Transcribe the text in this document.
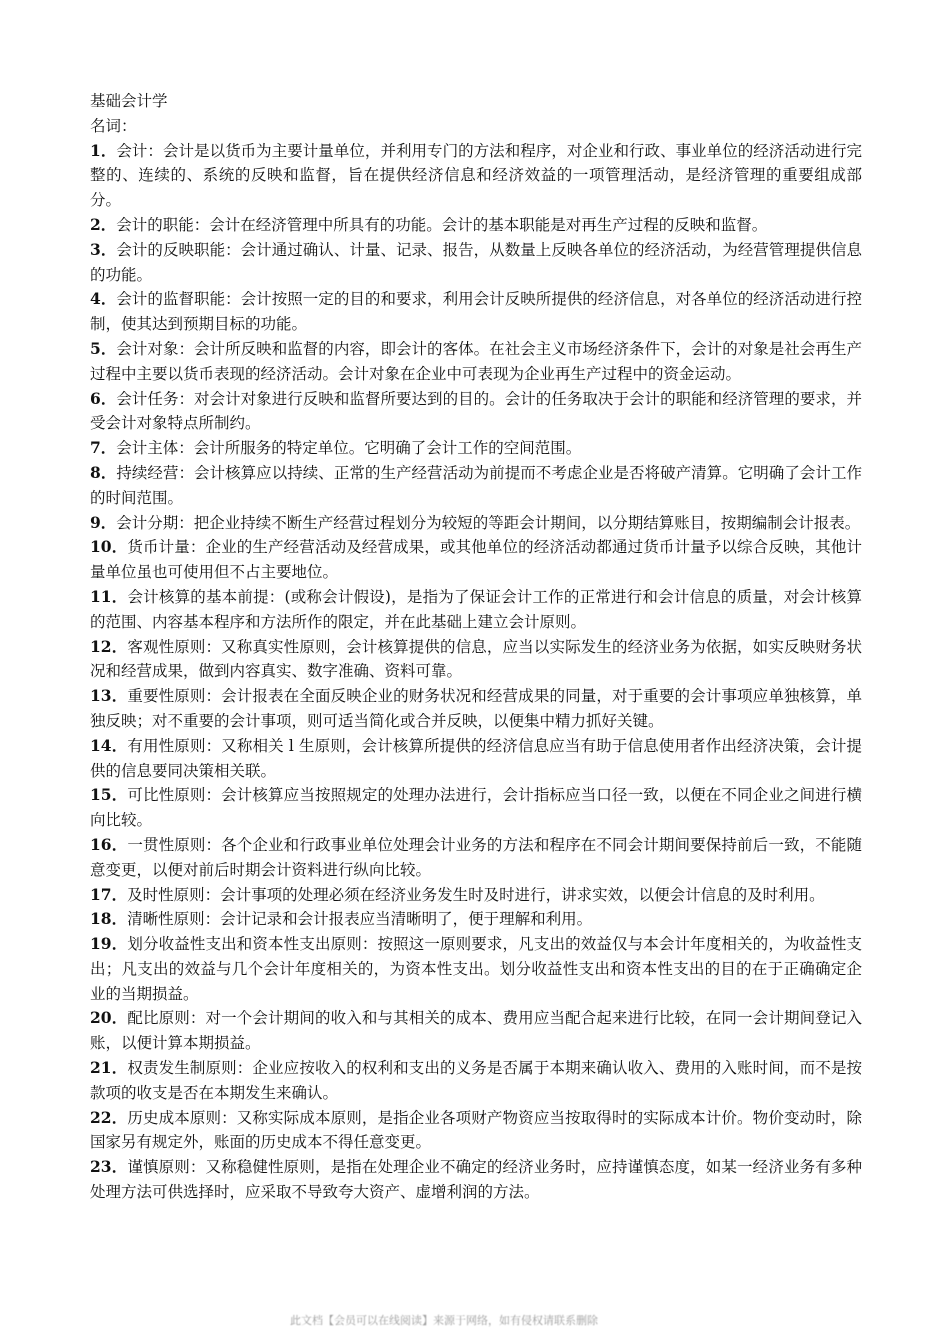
基础会计学

名词：

1．会计：会计是以货币为主要计量单位，并利用专门的方法和程序，对企业和行政、事业单位的经济活动进行完整的、连续的、系统的反映和监督，旨在提供经济信息和经济效益的一项管理活动，是经济管理的重要组成部分。

2．会计的职能：会计在经济管理中所具有的功能。会计的基本职能是对再生产过程的反映和监督。

3．会计的反映职能：会计通过确认、计量、记录、报告，从数量上反映各单位的经济活动，为经营管理提供信息的功能。

4．会计的监督职能：会计按照一定的目的和要求，利用会计反映所提供的经济信息，对各单位的经济活动进行控制，使其达到预期目标的功能。

5．会计对象：会计所反映和监督的内容，即会计的客体。在社会主义市场经济条件下，会计的对象是社会再生产过程中主要以货币表现的经济活动。会计对象在企业中可表现为企业再生产过程中的资金运动。

6．会计任务：对会计对象进行反映和监督所要达到的目的。会计的任务取决于会计的职能和经济管理的要求，并受会计对象特点所制约。

7．会计主体：会计所服务的特定单位。它明确了会计工作的空间范围。

8．持续经营：会计核算应以持续、正常的生产经营活动为前提而不考虑企业是否将破产清算。它明确了会计工作的时间范围。

9．会计分期：把企业持续不断生产经营过程划分为较短的等距会计期间，以分期结算账目，按期编制会计报表。

10．货币计量：企业的生产经营活动及经营成果，或其他单位的经济活动都通过货币计量予以综合反映，其他计量单位虽也可使用但不占主要地位。

11．会计核算的基本前提：(或称会计假设)，是指为了保证会计工作的正常进行和会计信息的质量，对会计核算的范围、内容基本程序和方法所作的限定，并在此基础上建立会计原则。

12．客观性原则：又称真实性原则，会计核算提供的信息，应当以实际发生的经济业务为依据，如实反映财务状况和经营成果，做到内容真实、数字准确、资料可靠。

13．重要性原则：会计报表在全面反映企业的财务状况和经营成果的同量，对于重要的会计事项应单独核算，单独反映；对不重要的会计事项，则可适当简化或合并反映，以便集中精力抓好关键。

14．有用性原则：又称相关 l 生原则，会计核算所提供的经济信息应当有助于信息使用者作出经济决策，会计提供的信息要同决策相关联。

15．可比性原则：会计核算应当按照规定的处理办法进行，会计指标应当口径一致，以便在不同企业之间进行横向比较。

16．一贯性原则：各个企业和行政事业单位处理会计业务的方法和程序在不同会计期间要保持前后一致，不能随意变更，以便对前后时期会计资料进行纵向比较。

17．及时性原则：会计事项的处理必须在经济业务发生时及时进行，讲求实效，以便会计信息的及时利用。

18．清晰性原则：会计记录和会计报表应当清晰明了，便于理解和利用。

19．划分收益性支出和资本性支出原则：按照这一原则要求，凡支出的效益仅与本会计年度相关的，为收益性支出；凡支出的效益与几个会计年度相关的，为资本性支出。划分收益性支出和资本性支出的目的在于正确确定企业的当期损益。

20．配比原则：对一个会计期间的收入和与其相关的成本、费用应当配合起来进行比较，在同一会计期间登记入账，以便计算本期损益。

21．权责发生制原则：企业应按收入的权利和支出的义务是否属于本期来确认收入、费用的入账时间，而不是按款项的收支是否在本期发生来确认。

22．历史成本原则：又称实际成本原则，是指企业各项财产物资应当按取得时的实际成本计价。物价变动时，除国家另有规定外，账面的历史成本不得任意变更。

23．谨慎原则：又称稳健性原则，是指在处理企业不确定的经济业务时，应持谨慎态度，如某一经济业务有多种处理方法可供选择时，应采取不导致夸大资产、虚增利润的方法。

此文档【会员可以在线阅读】来源于网络，如有侵权请联系删除
